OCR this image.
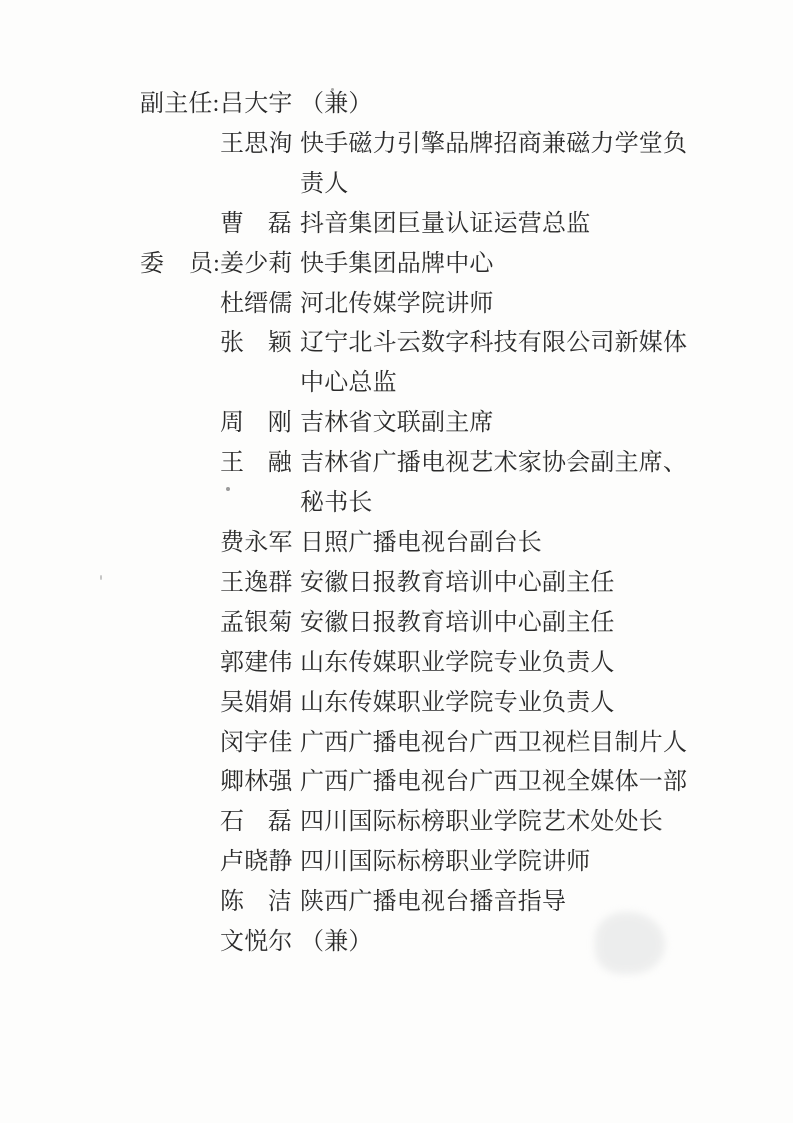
副主任: 吕大宇 （兼）
王思洵 快手磁力引擎品牌招商兼磁力学堂负
责人
曹 磊 抖音集团巨量认证运营总监
委 员: 姜少莉 快手集团品牌中心
杜缙儒 河北传媒学院讲师
张 颖 辽宁北斗云数字科技有限公司新媒体
中心总监
周 刚 吉林省文联副主席
王 融 吉林省广播电视艺术家协会副主席、
秘书长
费永军 日照广播电视台副台长
王逸群 安徽日报教育培训中心副主任
孟银菊 安徽日报教育培训中心副主任
郭建伟 山东传媒职业学院专业负责人
吴娟娟 山东传媒职业学院专业负责人
闵宇佳 广西广播电视台广西卫视栏目制片人
卿林强 广西广播电视台广西卫视全媒体一部
石 磊 四川国际标榜职业学院艺术处处长
卢晓静 四川国际标榜职业学院讲师
陈 洁 陕西广播电视台播音指导
文悦尔 （兼）
